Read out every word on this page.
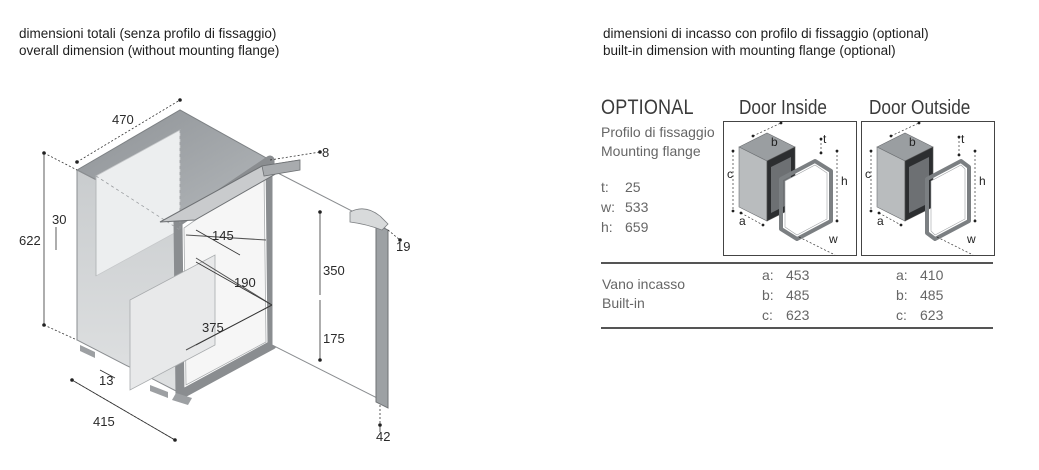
dimensioni totali (senza profilo di fissaggio)
overall dimension (without mounting flange)
dimensioni di incasso con profilo di fissaggio (optional)
built-in dimension with mounting flange (optional)
470
8
622
30
145
190
350
375
175
13
415
19
42
OPTIONAL
Profilo di fissaggio
Mounting flange
t: 25
w: 533
h: 659
Door Inside Door Outside
b	t
c	h
a
w
b	t
c	h
a
w
Vano incasso
Built-in
a: 453
b: 485
c: 623
a: 410
b: 485
c: 623
